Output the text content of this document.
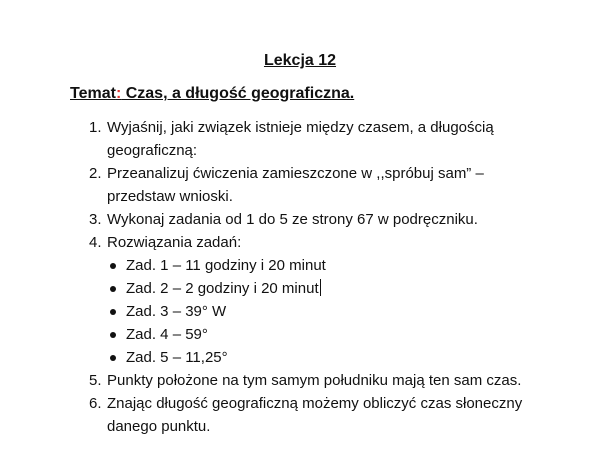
Lekcja 12
Temat: Czas, a długość geograficzna.
1. Wyjaśnij, jaki związek istnieje między czasem, a długością geograficzną:
2. Przeanalizuj ćwiczenia zamieszczone w ,,spróbuj sam” – przedstaw wnioski.
3. Wykonaj zadania od 1 do 5 ze strony 67 w podręczniku.
4. Rozwiązania zadań:
Zad. 1 – 11 godziny i 20 minut
Zad. 2 – 2 godziny i 20 minut
Zad. 3 – 39° W
Zad. 4 – 59°
Zad. 5 – 11,25°
5. Punkty położone na tym samym południku mają ten sam czas.
6. Znając długość geograficzną możemy obliczyć czas słoneczny danego punktu.
